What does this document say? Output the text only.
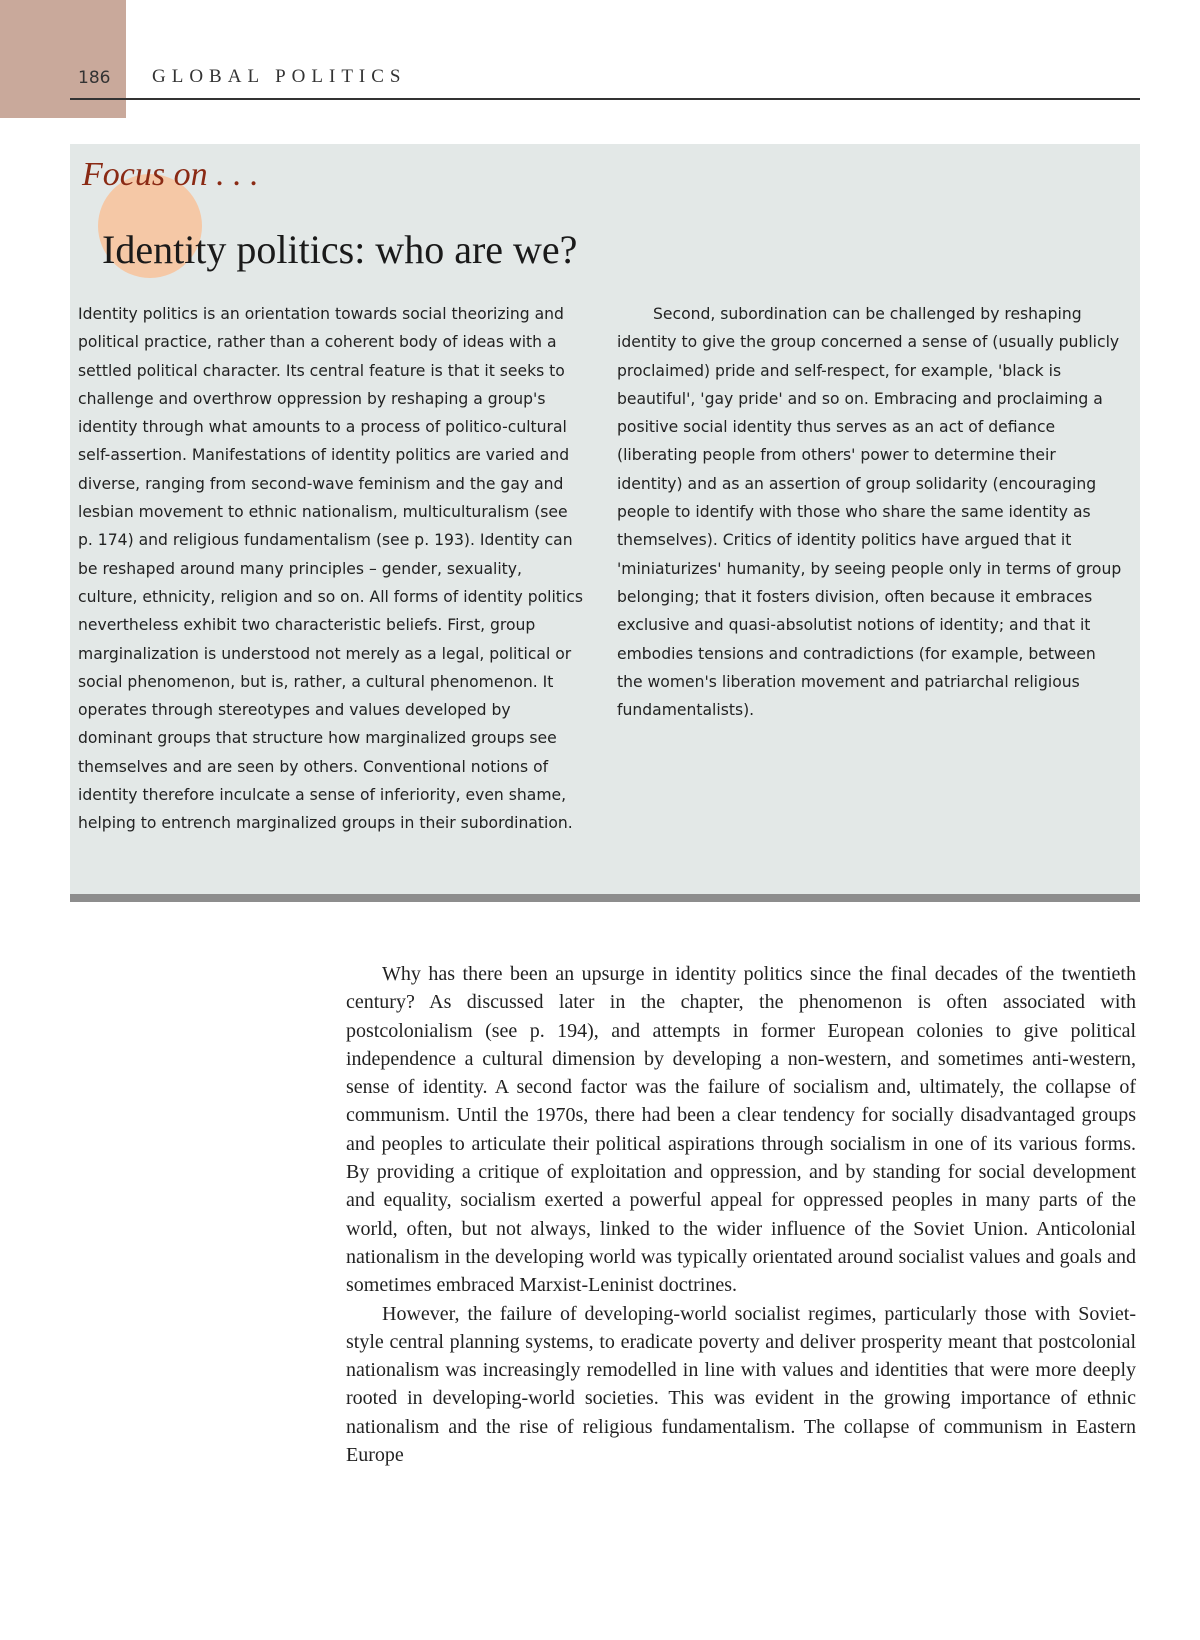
186 GLOBAL POLITICS
Focus on . . .
Identity politics: who are we?

Identity politics is an orientation towards social theorizing and political practice, rather than a coherent body of ideas with a settled political character. Its central feature is that it seeks to challenge and overthrow oppression by reshaping a group's identity through what amounts to a process of politico-cultural self-assertion. Manifestations of identity politics are varied and diverse, ranging from second-wave feminism and the gay and lesbian movement to ethnic nationalism, multiculturalism (see p. 174) and religious fundamentalism (see p. 193). Identity can be reshaped around many principles – gender, sexuality, culture, ethnicity, religion and so on. All forms of identity politics nevertheless exhibit two characteristic beliefs. First, group marginalization is understood not merely as a legal, political or social phenomenon, but is, rather, a cultural phenomenon. It operates through stereotypes and values developed by dominant groups that structure how marginalized groups see themselves and are seen by others. Conventional notions of identity therefore inculcate a sense of inferiority, even shame, helping to entrench marginalized groups in their subordination.

Second, subordination can be challenged by reshaping identity to give the group concerned a sense of (usually publicly proclaimed) pride and self-respect, for example, 'black is beautiful', 'gay pride' and so on. Embracing and proclaiming a positive social identity thus serves as an act of defiance (liberating people from others' power to determine their identity) and as an assertion of group solidarity (encouraging people to identify with those who share the same identity as themselves). Critics of identity politics have argued that it 'miniaturizes' humanity, by seeing people only in terms of group belonging; that it fosters division, often because it embraces exclusive and quasi-absolutist notions of identity; and that it embodies tensions and contradictions (for example, between the women's liberation movement and patriarchal religious fundamentalists).

Why has there been an upsurge in identity politics since the final decades of the twentieth century? As discussed later in the chapter, the phenomenon is often associated with postcolonialism (see p. 194), and attempts in former European colonies to give political independence a cultural dimension by developing a non-western, and sometimes anti-western, sense of identity. A second factor was the failure of socialism and, ultimately, the collapse of communism. Until the 1970s, there had been a clear tendency for socially disadvantaged groups and peoples to articulate their political aspirations through socialism in one of its various forms. By providing a critique of exploitation and oppression, and by standing for social development and equality, socialism exerted a powerful appeal for oppressed peoples in many parts of the world, often, but not always, linked to the wider influence of the Soviet Union. Anticolonial nationalism in the developing world was typically orientated around socialist values and goals and sometimes embraced Marxist-Leninist doctrines.

However, the failure of developing-world socialist regimes, particularly those with Soviet-style central planning systems, to eradicate poverty and deliver prosperity meant that postcolonial nationalism was increasingly remodelled in line with values and identities that were more deeply rooted in developing-world societies. This was evident in the growing importance of ethnic nationalism and the rise of religious fundamentalism. The collapse of communism in Eastern Europe
